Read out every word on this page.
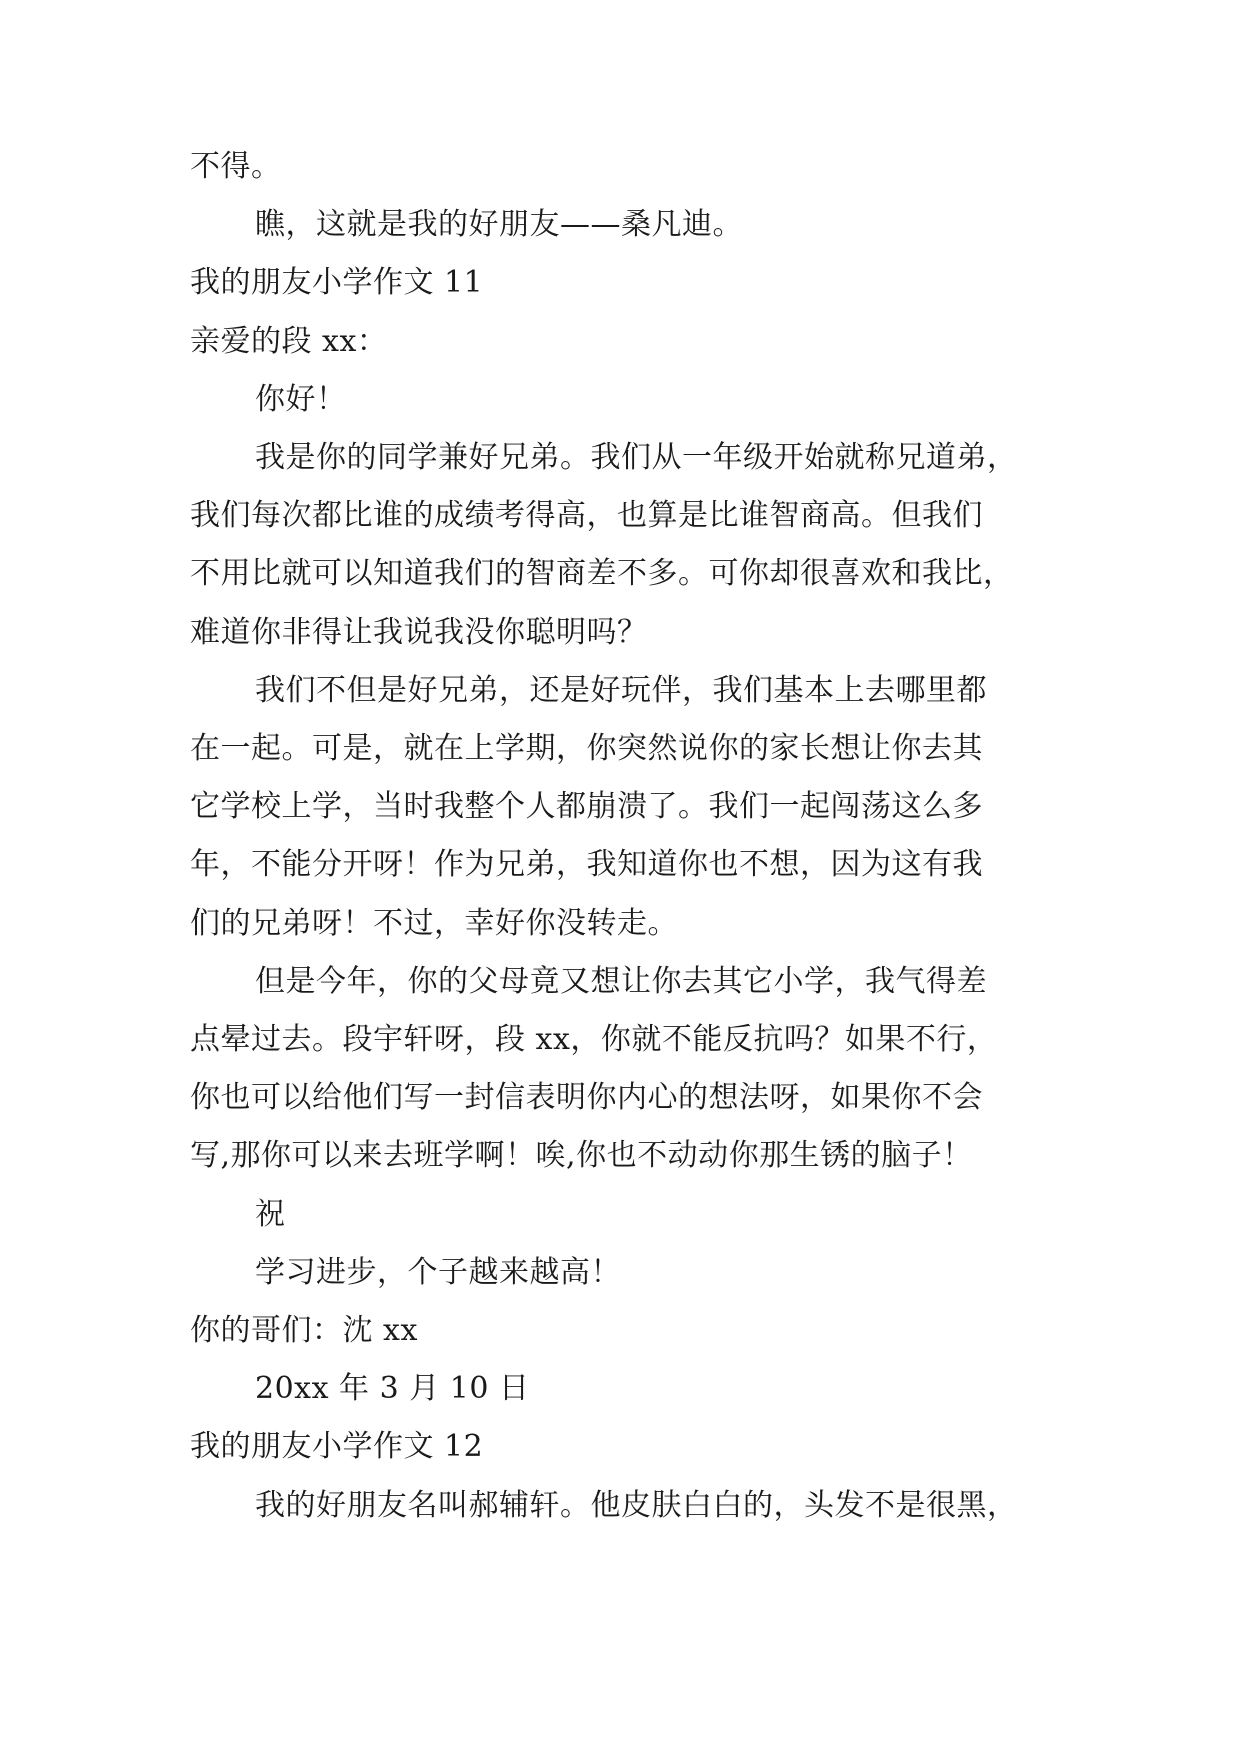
不得。
瞧，这就是我的好朋友——桑凡迪。
我的朋友小学作文 11
亲爱的段 xx：
你好！
我是你的同学兼好兄弟。我们从一年级开始就称兄道弟，
我们每次都比谁的成绩考得高，也算是比谁智商高。但我们
不用比就可以知道我们的智商差不多。可你却很喜欢和我比，
难道你非得让我说我没你聪明吗？
我们不但是好兄弟，还是好玩伴，我们基本上去哪里都
在一起。可是，就在上学期，你突然说你的家长想让你去其
它学校上学，当时我整个人都崩溃了。我们一起闯荡这么多
年，不能分开呀！作为兄弟，我知道你也不想，因为这有我
们的兄弟呀！不过，幸好你没转走。
但是今年，你的父母竟又想让你去其它小学，我气得差
点晕过去。段宇轩呀，段 xx，你就不能反抗吗？如果不行，
你也可以给他们写一封信表明你内心的想法呀，如果你不会
写,那你可以来去班学啊！唉,你也不动动你那生锈的脑子！
祝
学习进步，个子越来越高！
你的哥们：沈 xx
20xx 年 3 月 10 日
我的朋友小学作文 12
我的好朋友名叫郝辅轩。他皮肤白白的，头发不是很黑，
